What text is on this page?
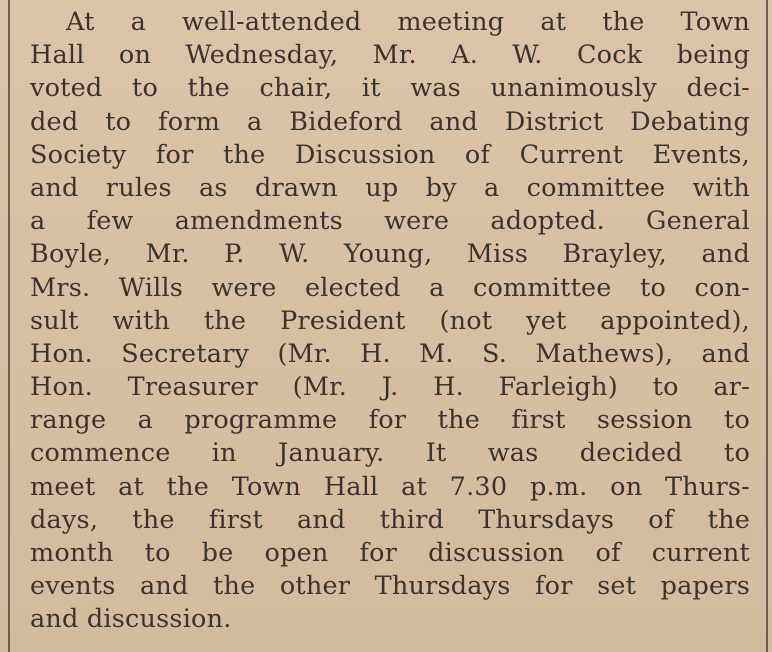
At a well-attended meeting at the Town
Hall on Wednesday, Mr. A. W. Cock being
voted to the chair, it was unanimously deci-
ded to form a Bideford and District Debating
Society for the Discussion of Current Events,
and rules as drawn up by a committee with
a few amendments were adopted. General
Boyle, Mr. P. W. Young, Miss Brayley, and
Mrs. Wills were elected a committee to con-
sult with the President (not yet appointed),
Hon. Secretary (Mr. H. M. S. Mathews), and
Hon. Treasurer (Mr. J. H. Farleigh) to ar-
range a programme for the first session to
commence in January. It was decided to
meet at the Town Hall at 7.30 p.m. on Thurs-
days, the first and third Thursdays of the
month to be open for discussion of current
events and the other Thursdays for set papers
and discussion.
